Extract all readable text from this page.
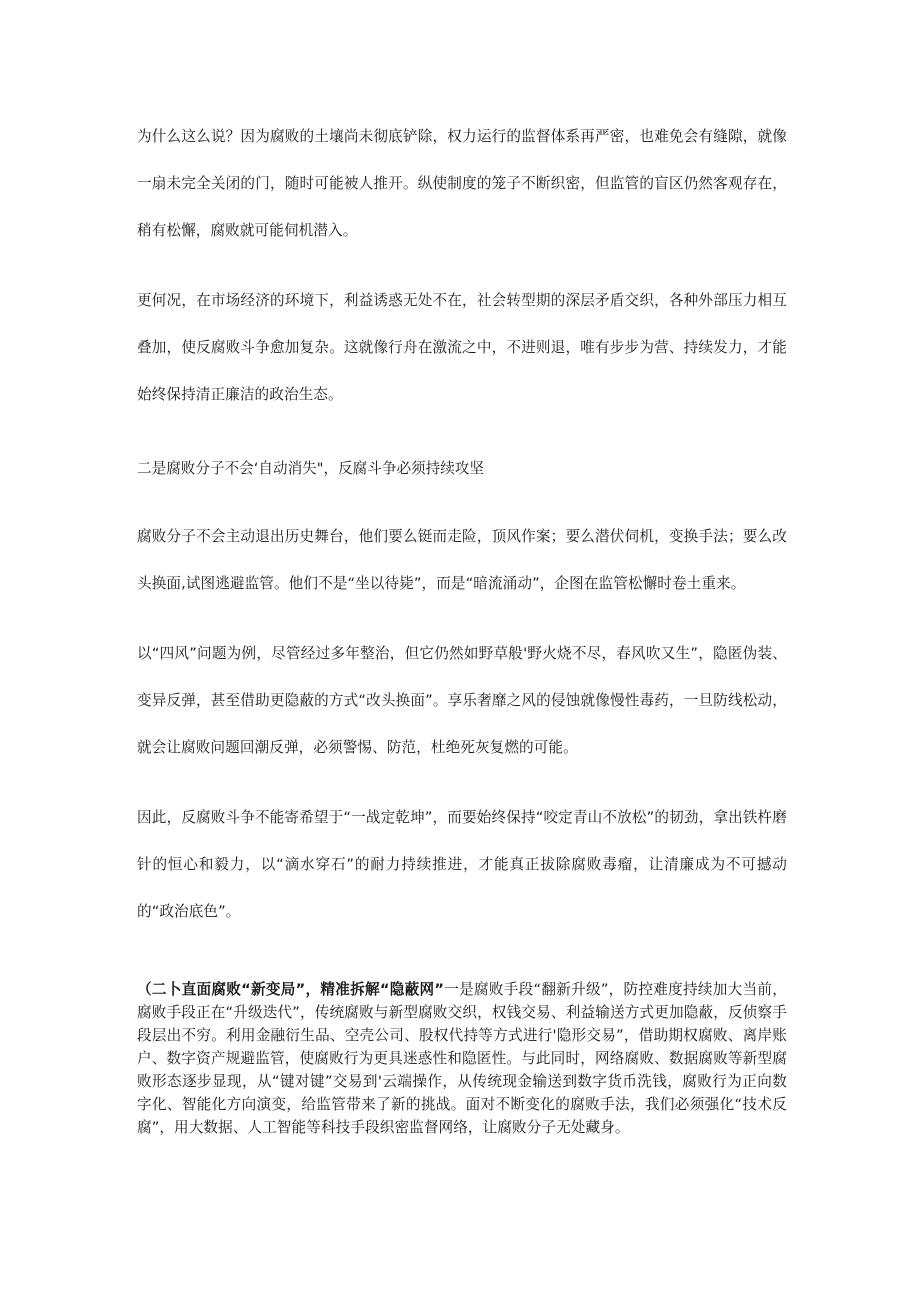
为什么这么说？因为腐败的土壤尚未彻底铲除，权力运行的监督体系再严密，也难免会有缝隙，就像一扇未完全关闭的门，随时可能被人推开。纵使制度的笼子不断织密，但监管的盲区仍然客观存在，稍有松懈，腐败就可能伺机潜入。

更何况，在市场经济的环境下，利益诱惑无处不在，社会转型期的深层矛盾交织，各种外部压力相互叠加，使反腐败斗争愈加复杂。这就像行舟在激流之中，不进则退，唯有步步为营、持续发力，才能始终保持清正廉洁的政治生态。

二是腐败分子不会‘自动消失"，反腐斗争必须持续攻坚

腐败分子不会主动退出历史舞台，他们要么铤而走险，顶风作案；要么潜伏伺机，变换手法；要么改头换面,试图逃避监管。他们不是“坐以待毙”，而是“暗流涌动”，企图在监管松懈时卷土重来。

以“四风”问题为例，尽管经过多年整治，但它仍然如野草般'野火烧不尽，春风吹又生”，隐匿伪装、变异反弹，甚至借助更隐蔽的方式“改头换面”。享乐奢靡之风的侵蚀就像慢性毒药，一旦防线松动，就会让腐败问题回潮反弹，必须警惕、防范，杜绝死灰复燃的可能。

因此，反腐败斗争不能寄希望于“一战定乾坤”，而要始终保持“咬定青山不放松”的韧劲，拿出铁杵磨针的恒心和毅力，以“滴水穿石”的耐力持续推进，才能真正拔除腐败毒瘤，让清廉成为不可撼动的“政治底色”。

（二卜直面腐败“新变局”，精准拆解“隐蔽网”一是腐败手段“翻新升级”，防控难度持续加大当前，腐败手段正在“升级迭代”，传统腐败与新型腐败交织，权钱交易、利益输送方式更加隐蔽，反侦察手段层出不穷。利用金融衍生品、空壳公司、股权代持等方式进行'隐形交易”，借助期权腐败、离岸账户、数字资产规避监管，使腐败行为更具迷惑性和隐匿性。与此同时，网络腐败、数据腐败等新型腐败形态逐步显现，从“键对键”交易到'云端操作，从传统现金输送到数字货币洗钱，腐败行为正向数字化、智能化方向演变，给监管带来了新的挑战。面对不断变化的腐败手法，我们必须强化“技术反腐”，用大数据、人工智能等科技手段织密监督网络，让腐败分子无处藏身。
